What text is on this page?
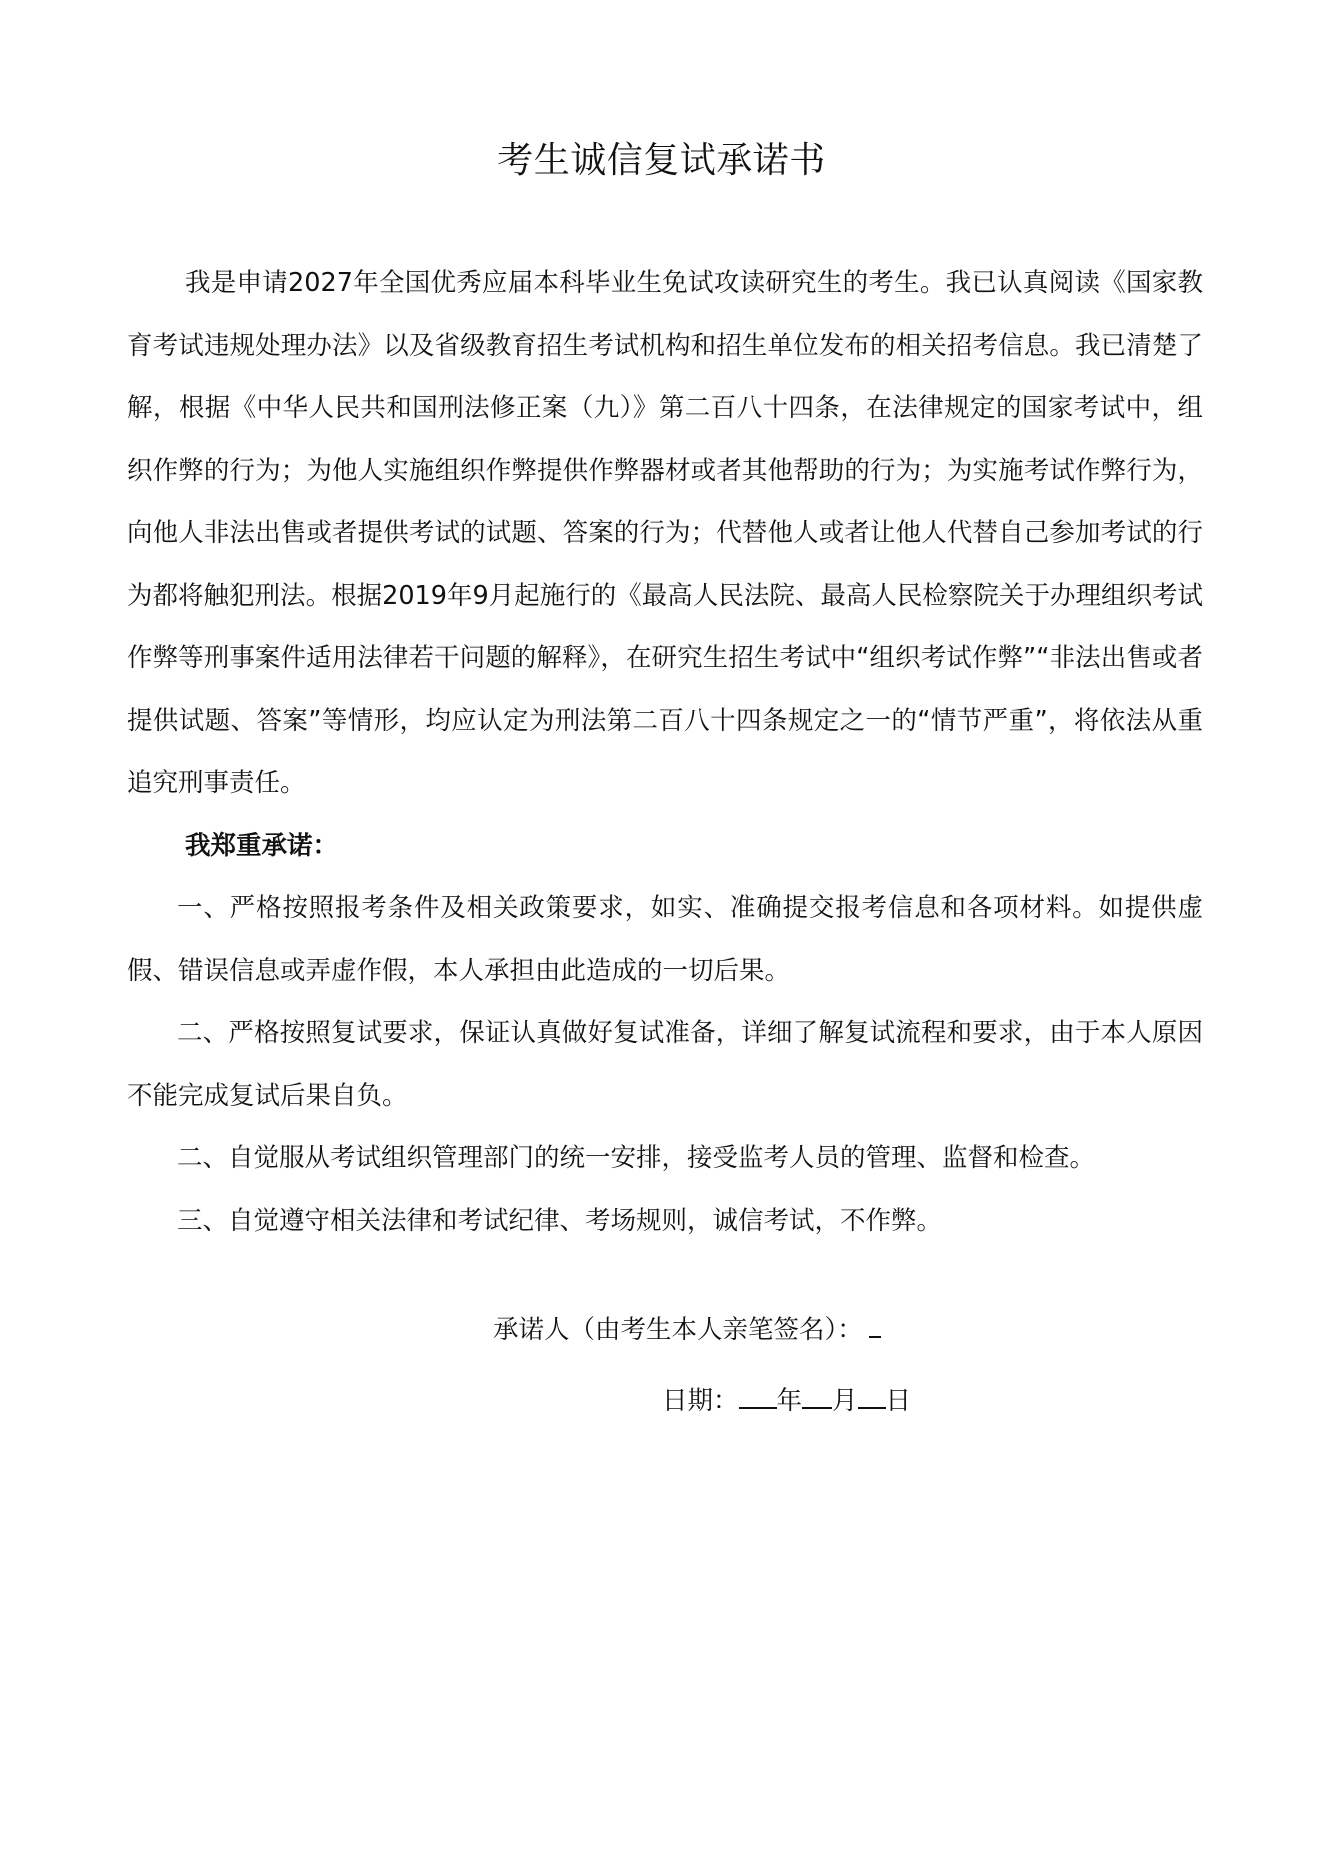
考生诚信复试承诺书

我是申请2027年全国优秀应届本科毕业生免试攻读研究生的考生。我已认真阅读《国家教育考试违规处理办法》以及省级教育招生考试机构和招生单位发布的相关招考信息。我已清楚了解，根据《中华人民共和国刑法修正案（九）》第二百八十四条，在法律规定的国家考试中，组织作弊的行为；为他人实施组织作弊提供作弊器材或者其他帮助的行为；为实施考试作弊行为，向他人非法出售或者提供考试的试题、答案的行为；代替他人或者让他人代替自己参加考试的行为都将触犯刑法。根据2019年9月起施行的《最高人民法院、最高人民检察院关于办理组织考试作弊等刑事案件适用法律若干问题的解释》，在研究生招生考试中“组织考试作弊”“非法出售或者提供试题、答案”等情形，均应认定为刑法第二百八十四条规定之一的“情节严重”，将依法从重追究刑事责任。

我郑重承诺：

一、严格按照报考条件及相关政策要求，如实、准确提交报考信息和各项材料。如提供虚假、错误信息或弄虚作假，本人承担由此造成的一切后果。

二、严格按照复试要求，保证认真做好复试准备，详细了解复试流程和要求，由于本人原因不能完成复试后果自负。

二、自觉服从考试组织管理部门的统一安排，接受监考人员的管理、监督和检查。

三、自觉遵守相关法律和考试纪律、考场规则，诚信考试，不作弊。

承诺人（由考生本人亲笔签名）：
日期： 年 月 日
